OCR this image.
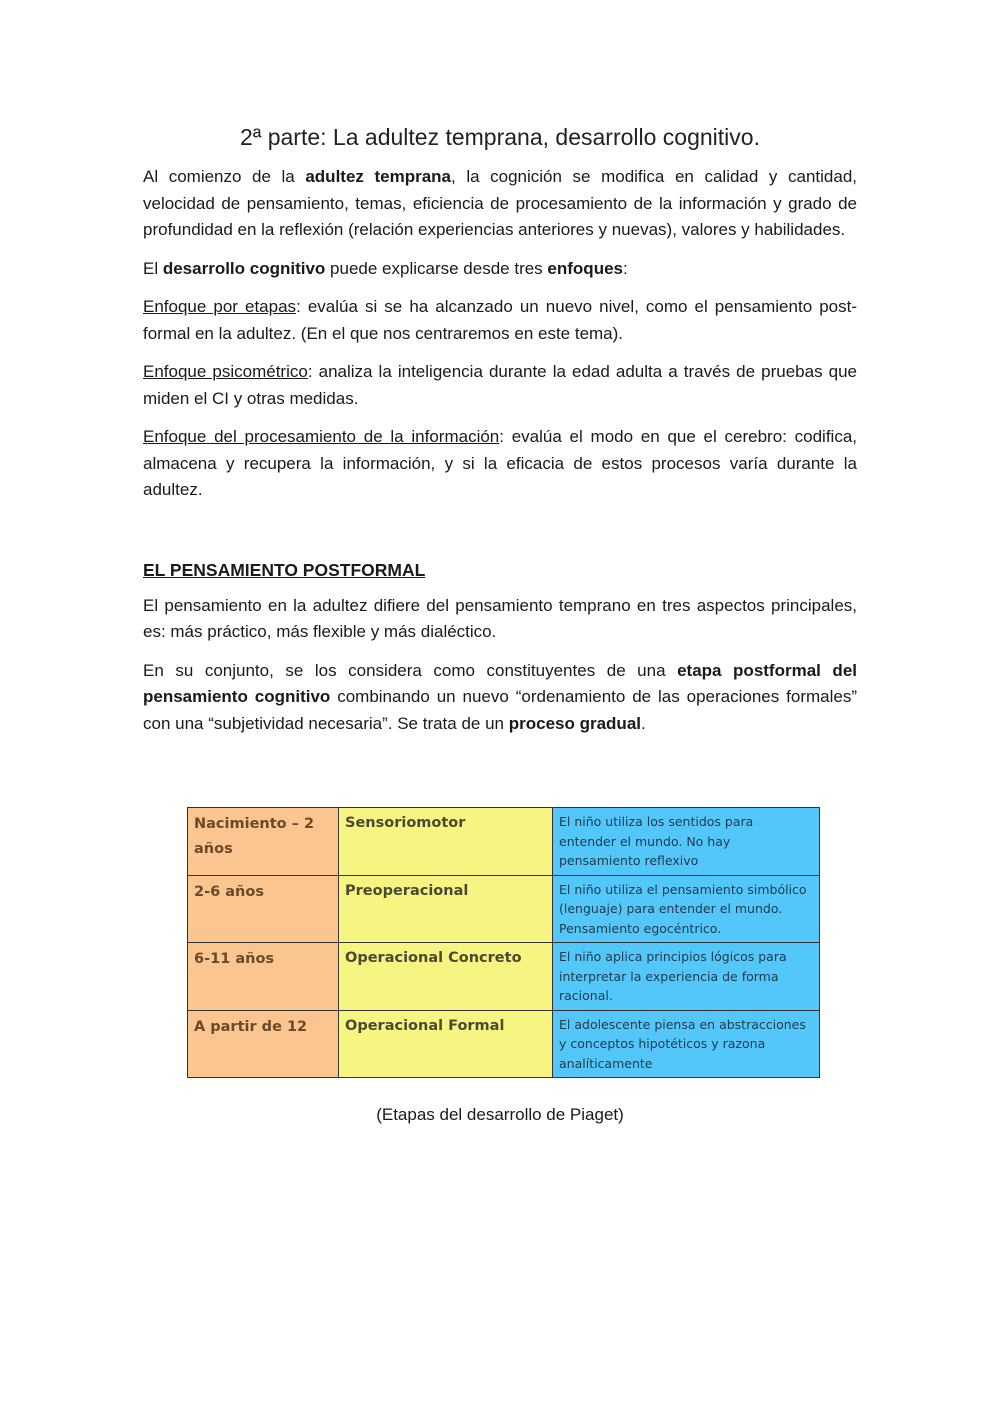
2ª parte: La adultez temprana, desarrollo cognitivo.

Al comienzo de la adultez temprana, la cognición se modifica en calidad y cantidad, velocidad de pensamiento, temas, eficiencia de procesamiento de la información y grado de profundidad en la reflexión (relación experiencias anteriores y nuevas), valores y habilidades.

El desarrollo cognitivo puede explicarse desde tres enfoques:

Enfoque por etapas: evalúa si se ha alcanzado un nuevo nivel, como el pensamiento post-formal en la adultez. (En el que nos centraremos en este tema).

Enfoque psicométrico: analiza la inteligencia durante la edad adulta a través de pruebas que miden el CI y otras medidas.

Enfoque del procesamiento de la información: evalúa el modo en que el cerebro: codifica, almacena y recupera la información, y si la eficacia de estos procesos varía durante la adultez.

EL PENSAMIENTO POSTFORMAL

El pensamiento en la adultez difiere del pensamiento temprano en tres aspectos principales, es: más práctico, más flexible y más dialéctico.

En su conjunto, se los considera como constituyentes de una etapa postformal del pensamiento cognitivo combinando un nuevo “ordenamiento de las operaciones formales” con una “subjetividad necesaria”. Se trata de un proceso gradual.

Nacimiento – 2 años	Sensoriomotor	El niño utiliza los sentidos para entender el mundo. No hay pensamiento reflexivo
2-6 años	Preoperacional	El niño utiliza el pensamiento simbólico (lenguaje) para entender el mundo. Pensamiento egocéntrico.
6-11 años	Operacional Concreto	El niño aplica principios lógicos para interpretar la experiencia de forma racional.
A partir de 12	Operacional Formal	El adolescente piensa en abstracciones y conceptos hipotéticos y razona analíticamente
(Etapas del desarrollo de Piaget)
